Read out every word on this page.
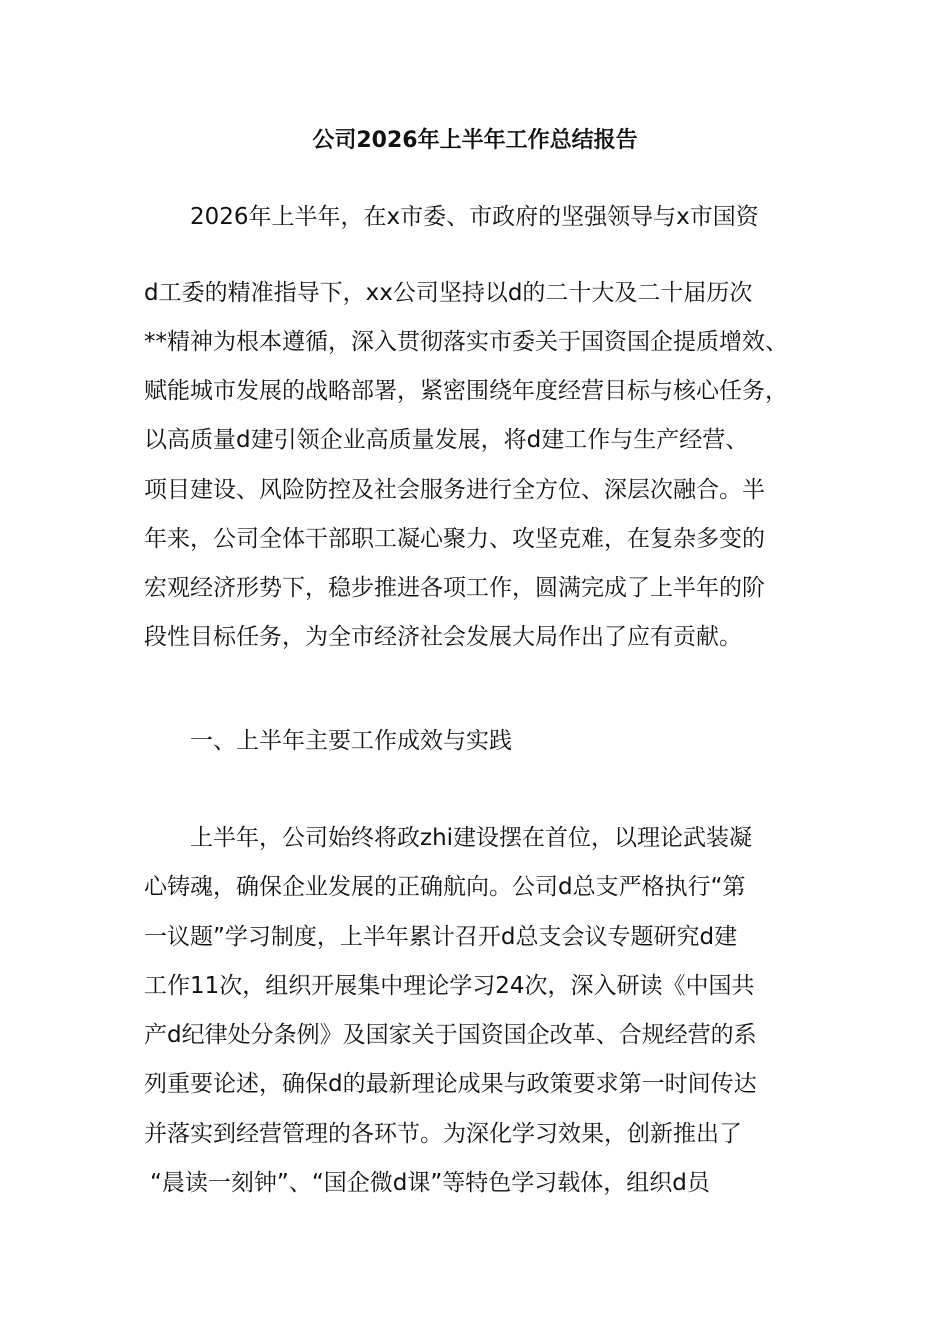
公司2026年上半年工作总结报告

2026年上半年，在x市委、市政府的坚强领导与x市国资

d工委的精准指导下，xx公司坚持以d的二十大及二十届历次

**精神为根本遵循，深入贯彻落实市委关于国资国企提质增效、

赋能城市发展的战略部署，紧密围绕年度经营目标与核心任务，

以高质量d建引领企业高质量发展，将d建工作与生产经营、

项目建设、风险防控及社会服务进行全方位、深层次融合。半

年来，公司全体干部职工凝心聚力、攻坚克难，在复杂多变的

宏观经济形势下，稳步推进各项工作，圆满完成了上半年的阶

段性目标任务，为全市经济社会发展大局作出了应有贡献。

一、上半年主要工作成效与实践

上半年，公司始终将政zhi建设摆在首位，以理论武装凝

心铸魂，确保企业发展的正确航向。公司d总支严格执行“第

一议题”学习制度，上半年累计召开d总支会议专题研究d建

工作11次，组织开展集中理论学习24次，深入研读《中国共

产d纪律处分条例》及国家关于国资国企改革、合规经营的系

列重要论述，确保d的最新理论成果与政策要求第一时间传达

并落实到经营管理的各环节。为深化学习效果，创新推出了

“晨读一刻钟”、“国企微d课”等特色学习载体，组织d员
